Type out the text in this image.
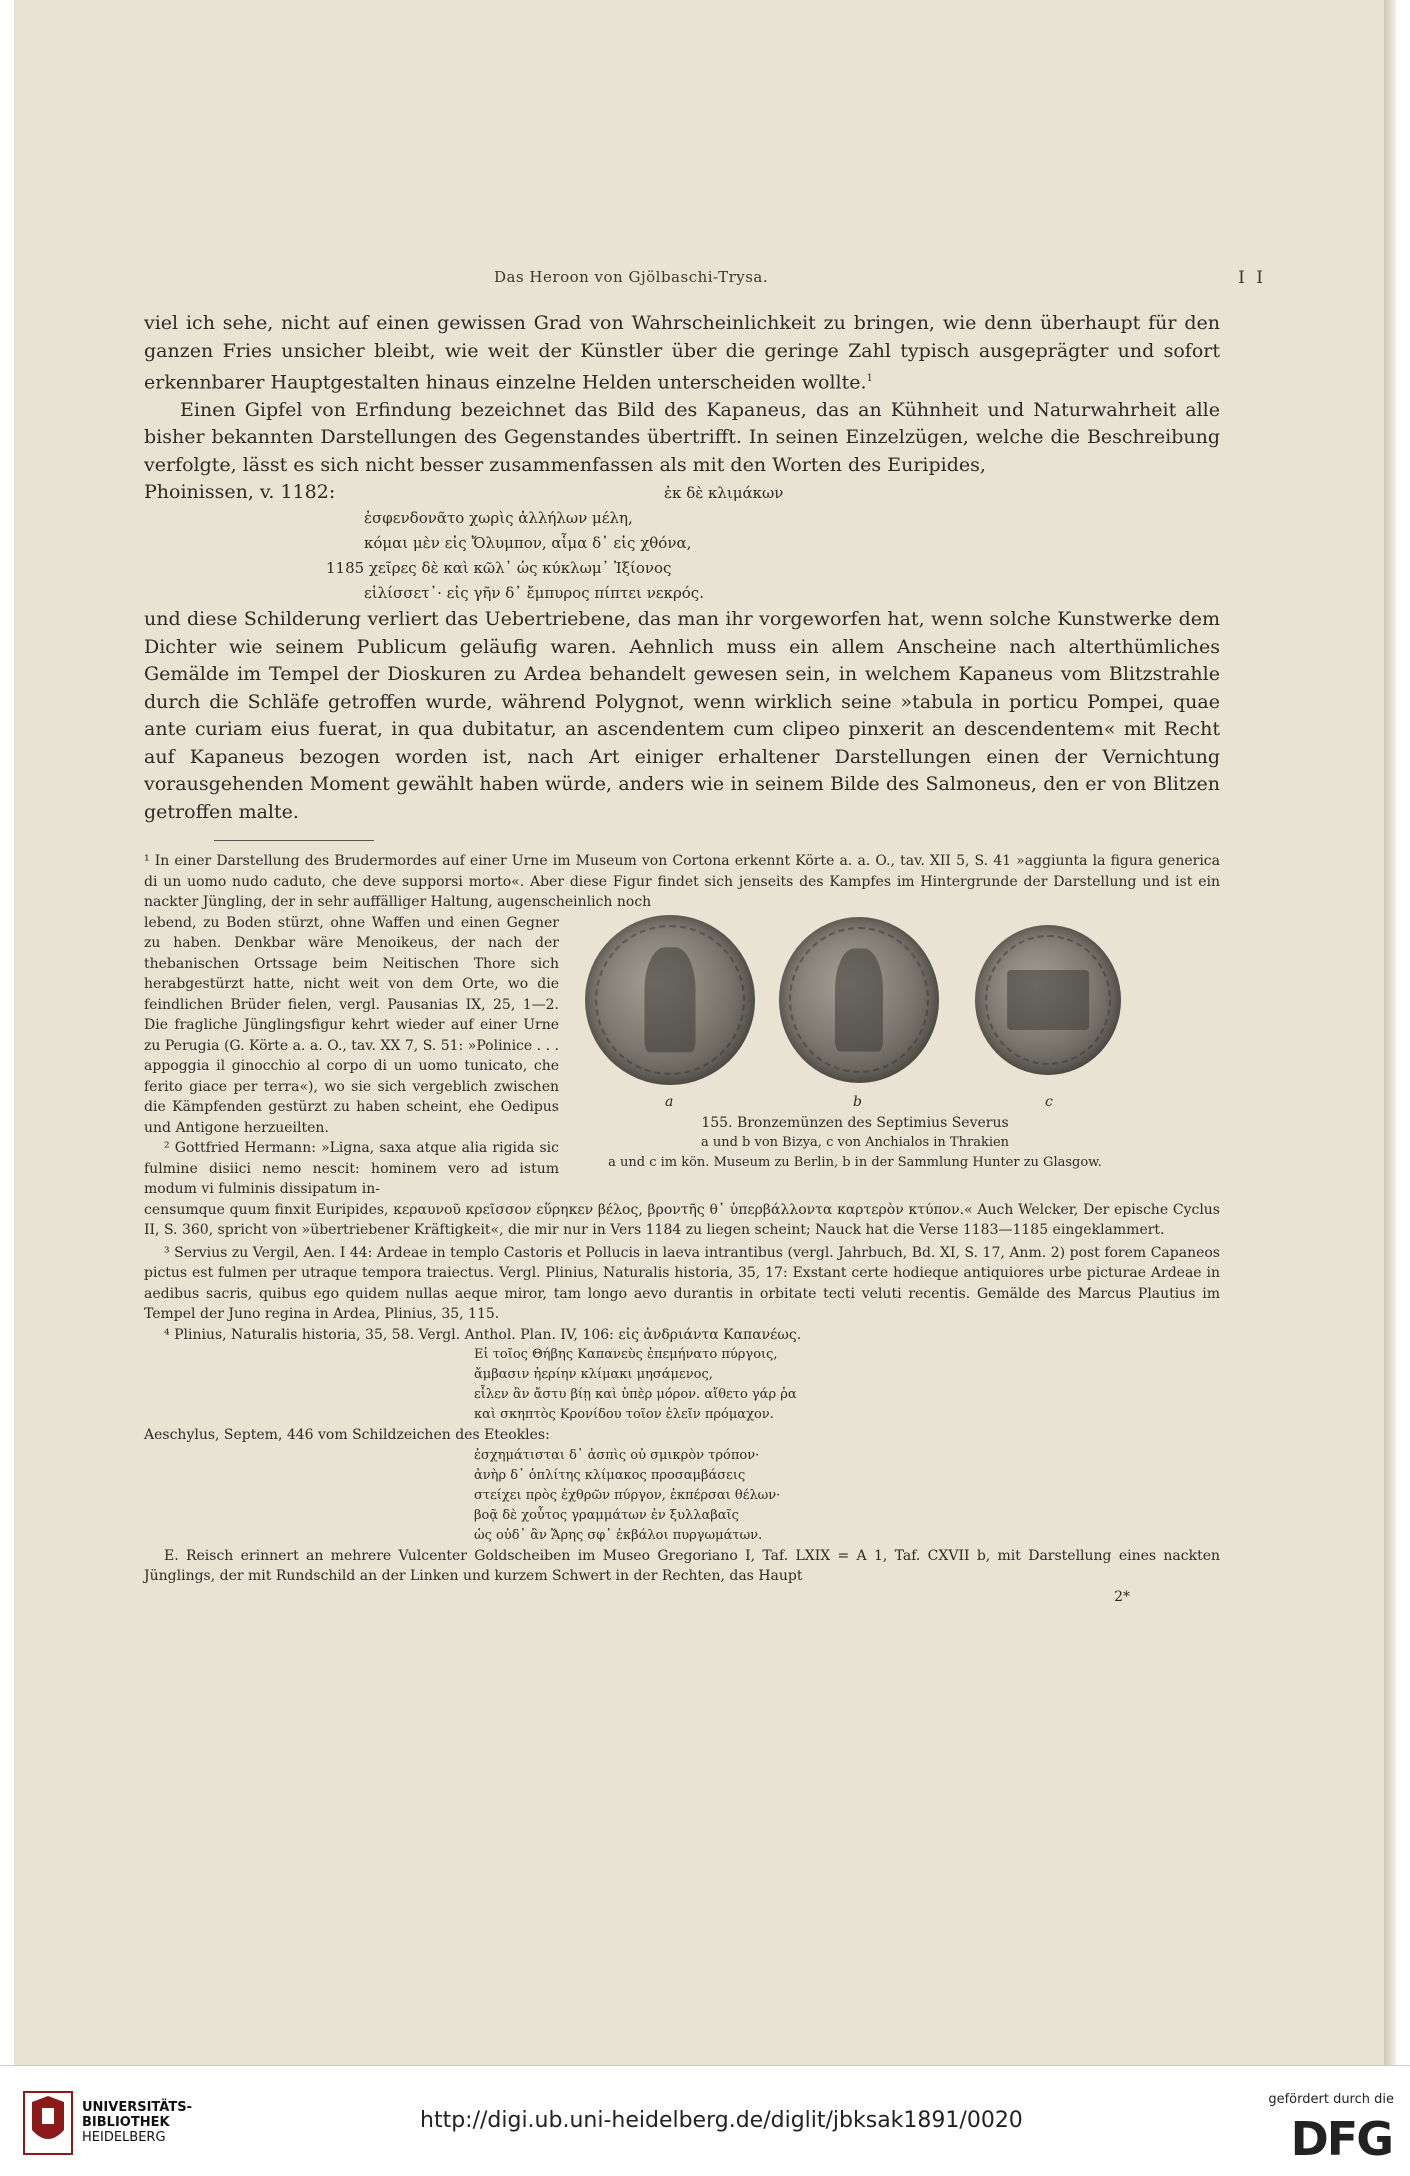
Das Heroon von Gjölbaschi-Trysa.	I I

viel ich sehe, nicht auf einen gewissen Grad von Wahrscheinlichkeit zu bringen, wie denn überhaupt für den ganzen Fries unsicher bleibt, wie weit der Künstler über die geringe Zahl typisch ausgeprägter und sofort erkennbarer Hauptgestalten hinaus einzelne Helden unterscheiden wollte.$^1$

Einen Gipfel von Erfindung bezeichnet das Bild des Kapaneus, das an Kühnheit und Naturwahrheit alle bisher bekannten Darstellungen des Gegenstandes übertrifft. In seinen Einzelzügen, welche die Beschreibung verfolgte, lässt es sich nicht besser zusammenfassen als mit den Worten des Euripides,

Phoinissen, v. 1182:	ἐκ δὲ κλιμάκων
ἐσφενδονᾶτο χωρὶς ἀλλήλων μέλη,
κόμαι μὲν εἰς Ὄλυμπον, αἷμα δ᾽ εἰς χθόνα,
1185 χεῖρες δὲ καὶ κῶλ᾽ ὡς κύκλωμ᾽ Ἰξίονος
εἱλίσσετ᾽· εἰς γῆν δ᾽ ἔμπυρος πίπτει νεκρός.

und diese Schilderung verliert das Uebertriebene, das man ihr vorgeworfen hat, wenn solche Kunstwerke dem Dichter wie seinem Publicum geläufig waren. Aehnlich muss ein allem Anscheine nach alterthümliches Gemälde im Tempel der Dioskuren zu Ardea behandelt gewesen sein, in welchem Kapaneus vom Blitzstrahle durch die Schläfe getroffen wurde, während Polygnot, wenn wirklich seine »tabula in porticu Pompei, quae ante curiam eius fuerat, in qua dubitatur, an ascendentem cum clipeo pinxerit an descendentem« mit Recht auf Kapaneus bezogen worden ist, nach Art einiger erhaltener Darstellungen einen der Vernichtung vorausgehenden Moment gewählt haben würde, anders wie in seinem Bilde des Salmoneus, den er von Blitzen getroffen malte.

¹ In einer Darstellung des Brudermordes auf einer Urne im Museum von Cortona erkennt Körte a. a. O., tav. XII 5, S. 41 »aggiunta la figura generica di un uomo nudo caduto, che deve supporsi morto«. Aber diese Figur findet sich jenseits des Kampfes im Hintergrunde der Darstellung und ist ein nackter Jüngling, der in sehr auffälliger Haltung, augenscheinlich noch

lebend, zu Boden stürzt, ohne Waffen und einen Gegner zu haben. Denkbar wäre Menoikeus, der nach der thebanischen Ortssage beim Neitischen Thore sich herabgestürzt hatte, nicht weit von dem Orte, wo die feindlichen Brüder fielen, vergl. Pausanias IX, 25, 1—2. Die fragliche Jünglingsfigur kehrt wieder auf einer Urne zu Perugia (G. Körte a. a. O., tav. XX 7, S. 51: »Polinice . . . appoggia il ginocchio al corpo di un uomo tunicato, che ferito giace per terra«), wo sie sich vergeblich zwischen die Kämpfenden gestürzt zu haben scheint, ehe Oedipus und Antigone herzueilten.

² Gottfried Hermann: »Ligna, saxa atque alia rigida sic fulmine disiici nemo nescit: hominem vero ad istum modum vi fulminis dissipatum in-

a	b	c
155. Bronzemünzen des Septimius Severus
a und b von Bizya, c von Anchialos in Thrakien
a und c im kön. Museum zu Berlin, b in der Sammlung Hunter zu Glasgow.

censumque quum finxit Euripides, κεραυνοῦ κρεῖσσον εὕρηκεν βέλος, βροντῆς θ᾽ ὑπερβάλλοντα καρτερὸν κτύπον.« Auch Welcker, Der epische Cyclus II, S. 360, spricht von »übertriebener Kräftigkeit«, die mir nur in Vers 1184 zu liegen scheint; Nauck hat die Verse 1183—1185 eingeklammert.

³ Servius zu Vergil, Aen. I 44: Ardeae in templo Castoris et Pollucis in laeva intrantibus (vergl. Jahrbuch, Bd. XI, S. 17, Anm. 2) post forem Capaneos pictus est fulmen per utraque tempora traiectus. Vergl. Plinius, Naturalis historia, 35, 17: Exstant certe hodieque antiquiores urbe picturae Ardeae in aedibus sacris, quibus ego quidem nullas aeque miror, tam longo aevo durantis in orbitate tecti veluti recentis. Gemälde des Marcus Plautius im Tempel der Juno regina in Ardea, Plinius, 35, 115.

⁴ Plinius, Naturalis historia, 35, 58. Vergl. Anthol. Plan. IV, 106: εἰς ἀνδριάντα Καπανέως.

Εἰ τοῖος Θήβης Καπανεὺς ἐπεμήνατο πύργοις,
ἄμβασιν ἠερίην κλίμακι μησάμενος,
εἷλεν ἂν ἄστυ βίῃ καὶ ὑπὲρ μόρον. αἴθετο γάρ ῥα
καὶ σκηπτὸς Κρονίδου τοῖον ἑλεῖν πρόμαχον.

Aeschylus, Septem, 446 vom Schildzeichen des Eteokles:

ἐσχημάτισται δ᾽ ἀσπὶς οὐ σμικρὸν τρόπον·
ἀνὴρ δ᾽ ὁπλίτης κλίμακος προσαμβάσεις
στείχει πρὸς ἐχθρῶν πύργον, ἐκπέρσαι θέλων·
βοᾷ δὲ χοὖτος γραμμάτων ἐν ξυλλαβαῖς
ὡς οὐδ᾽ ἂν Ἄρης σφ᾽ ἐκβάλοι πυργωμάτων.

E. Reisch erinnert an mehrere Vulcenter Goldscheiben im Museo Gregoriano I, Taf. LXIX = A 1, Taf. CXVII b, mit Darstellung eines nackten Jünglings, der mit Rundschild an der Linken und kurzem Schwert in der Rechten, das Haupt

2*
UNIVERSITÄTS-
BIBLIOTHEK
HEIDELBERG
http://digi.ub.uni-heidelberg.de/diglit/jbksak1891/0020
gefördert durch die
DFG
